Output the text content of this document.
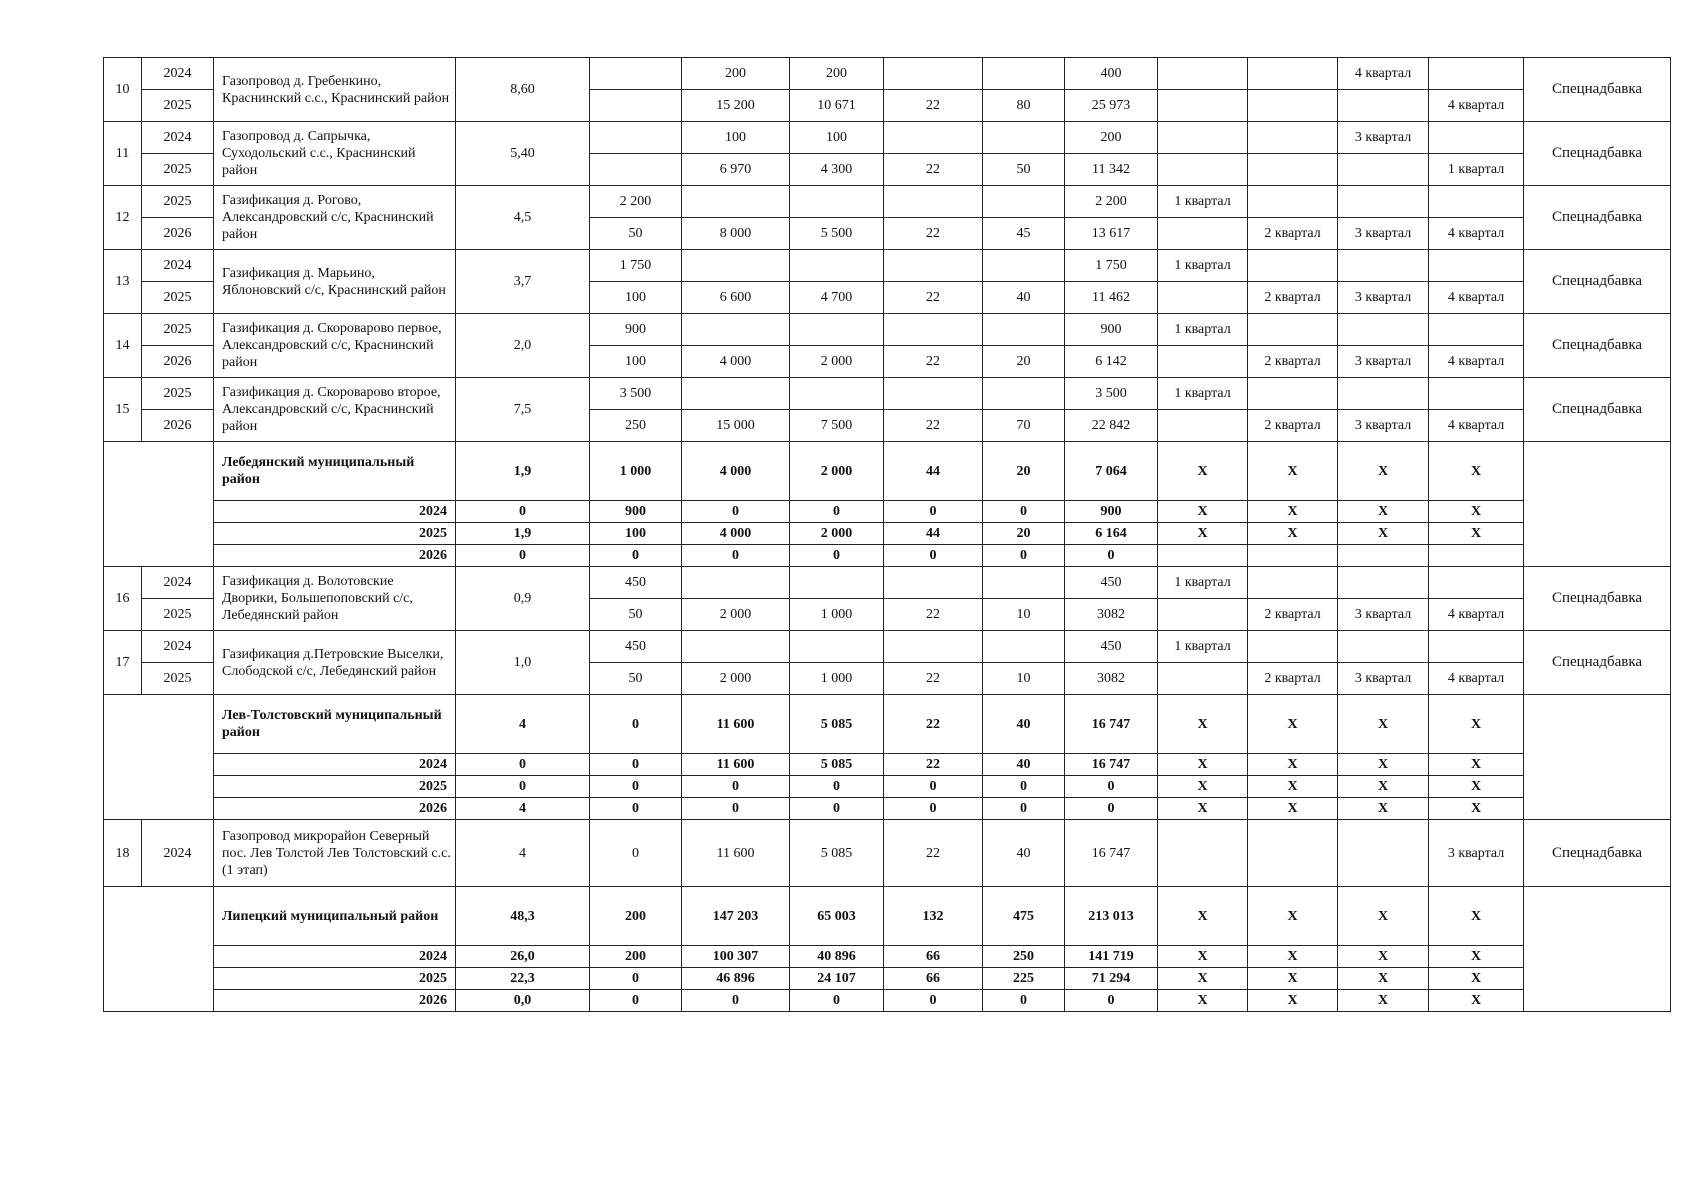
10	2024	Газопровод д. Гребенкино, Краснинский с.с., Краснинский район	8,60		200	200			400			4 квартал		Спецнадбавка
	2025				15 200	10 671	22	80	25 973				4 квартал	
11	2024	Газопровод д. Сапрычка, Суходольский с.с., Краснинский район	5,40		100	100			200			3 квартал		Спецнадбавка
	2025				6 970	4 300	22	50	11 342				1 квартал	
12	2025	Газификация д. Рогово, Александровский с/с, Краснинский район	4,5	2 200					2 200	1 квартал				Спецнадбавка
	2026			50	8 000	5 500	22	45	13 617		2 квартал	3 квартал	4 квартал	
13	2024	Газификация д. Марьино, Яблоновский с/с, Краснинский район	3,7	1 750					1 750	1 квартал				Спецнадбавка
	2025			100	6 600	4 700	22	40	11 462		2 квартал	3 квартал	4 квартал	
14	2025	Газификация д. Скороварово первое, Александровский с/с, Краснинский район	2,0	900					900	1 квартал				Спецнадбавка
	2026			100	4 000	2 000	22	20	6 142		2 квартал	3 квартал	4 квартал	
15	2025	Газификация д. Скороварово второе, Александровский с/с, Краснинский район	7,5	3 500					3 500	1 квартал				Спецнадбавка
	2026			250	15 000	7 500	22	70	22 842		2 квартал	3 квартал	4 квартал	
		Лебедянский муниципальный район	1,9	1 000	4 000	2 000	44	20	7 064	X	X	X	X	
		2024	0	900	0	0	0	0	900	X	X	X	X	
		2025	1,9	100	4 000	2 000	44	20	6 164	X	X	X	X	
		2026	0	0	0	0	0	0	0					
16	2024	Газификация д. Волотовские Дворики, Большепоповский с/с, Лебедянский район	0,9	450					450	1 квартал				Спецнадбавка
	2025			50	2 000	1 000	22	10	3082		2 квартал	3 квартал	4 квартал	
17	2024	Газификация д.Петровские Выселки, Слободской с/с, Лебедянский район	1,0	450					450	1 квартал				Спецнадбавка
	2025			50	2 000	1 000	22	10	3082		2 квартал	3 квартал	4 квартал	
		Лев-Толстовский муниципальный район	4	0	11 600	5 085	22	40	16 747	X	X	X	X	
		2024	0	0	11 600	5 085	22	40	16 747	X	X	X	X	
		2025	0	0	0	0	0	0	0	X	X	X	X	
		2026	4	0	0	0	0	0	0	X	X	X	X	
18	2024	Газопровод микрорайон Северный пос. Лев Толстой Лев Толстовский с.с. (1 этап)	4	0	11 600	5 085	22	40	16 747				3 квартал	Спецнадбавка
		Липецкий муниципальный район	48,3	200	147 203	65 003	132	475	213 013	X	X	X	X	
		2024	26,0	200	100 307	40 896	66	250	141 719	X	X	X	X	
		2025	22,3	0	46 896	24 107	66	225	71 294	X	X	X	X	
		2026	0,0	0	0	0	0	0	0	X	X	X	X	
